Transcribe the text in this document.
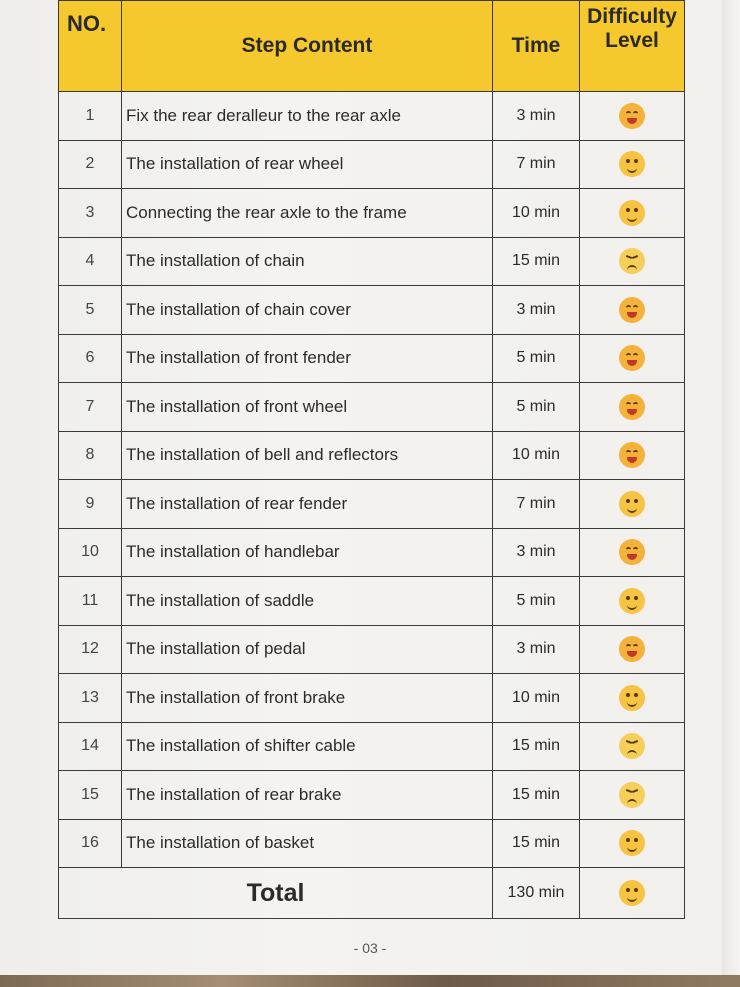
NO.	Step Content	Time	Difficulty Level
1	Fix the rear deralleur to the rear axle	3 min	

2	The installation of rear wheel	7 min	

3	Connecting the rear axle to the frame	10 min	

4	The installation of chain	15 min	

5	The installation of chain cover	3 min	

6	The installation of front fender	5 min	

7	The installation of front wheel	5 min	

8	The installation of bell and reflectors	10 min	

9	The installation of rear fender	7 min	

10	The installation of handlebar	3 min	

11	The installation of saddle	5 min	

12	The installation of pedal	3 min	

13	The installation of front brake	10 min	

14	The installation of shifter cable	15 min	

15	The installation of rear brake	15 min	

16	The installation of basket	15 min	

Total		130 min	
- 03 -
